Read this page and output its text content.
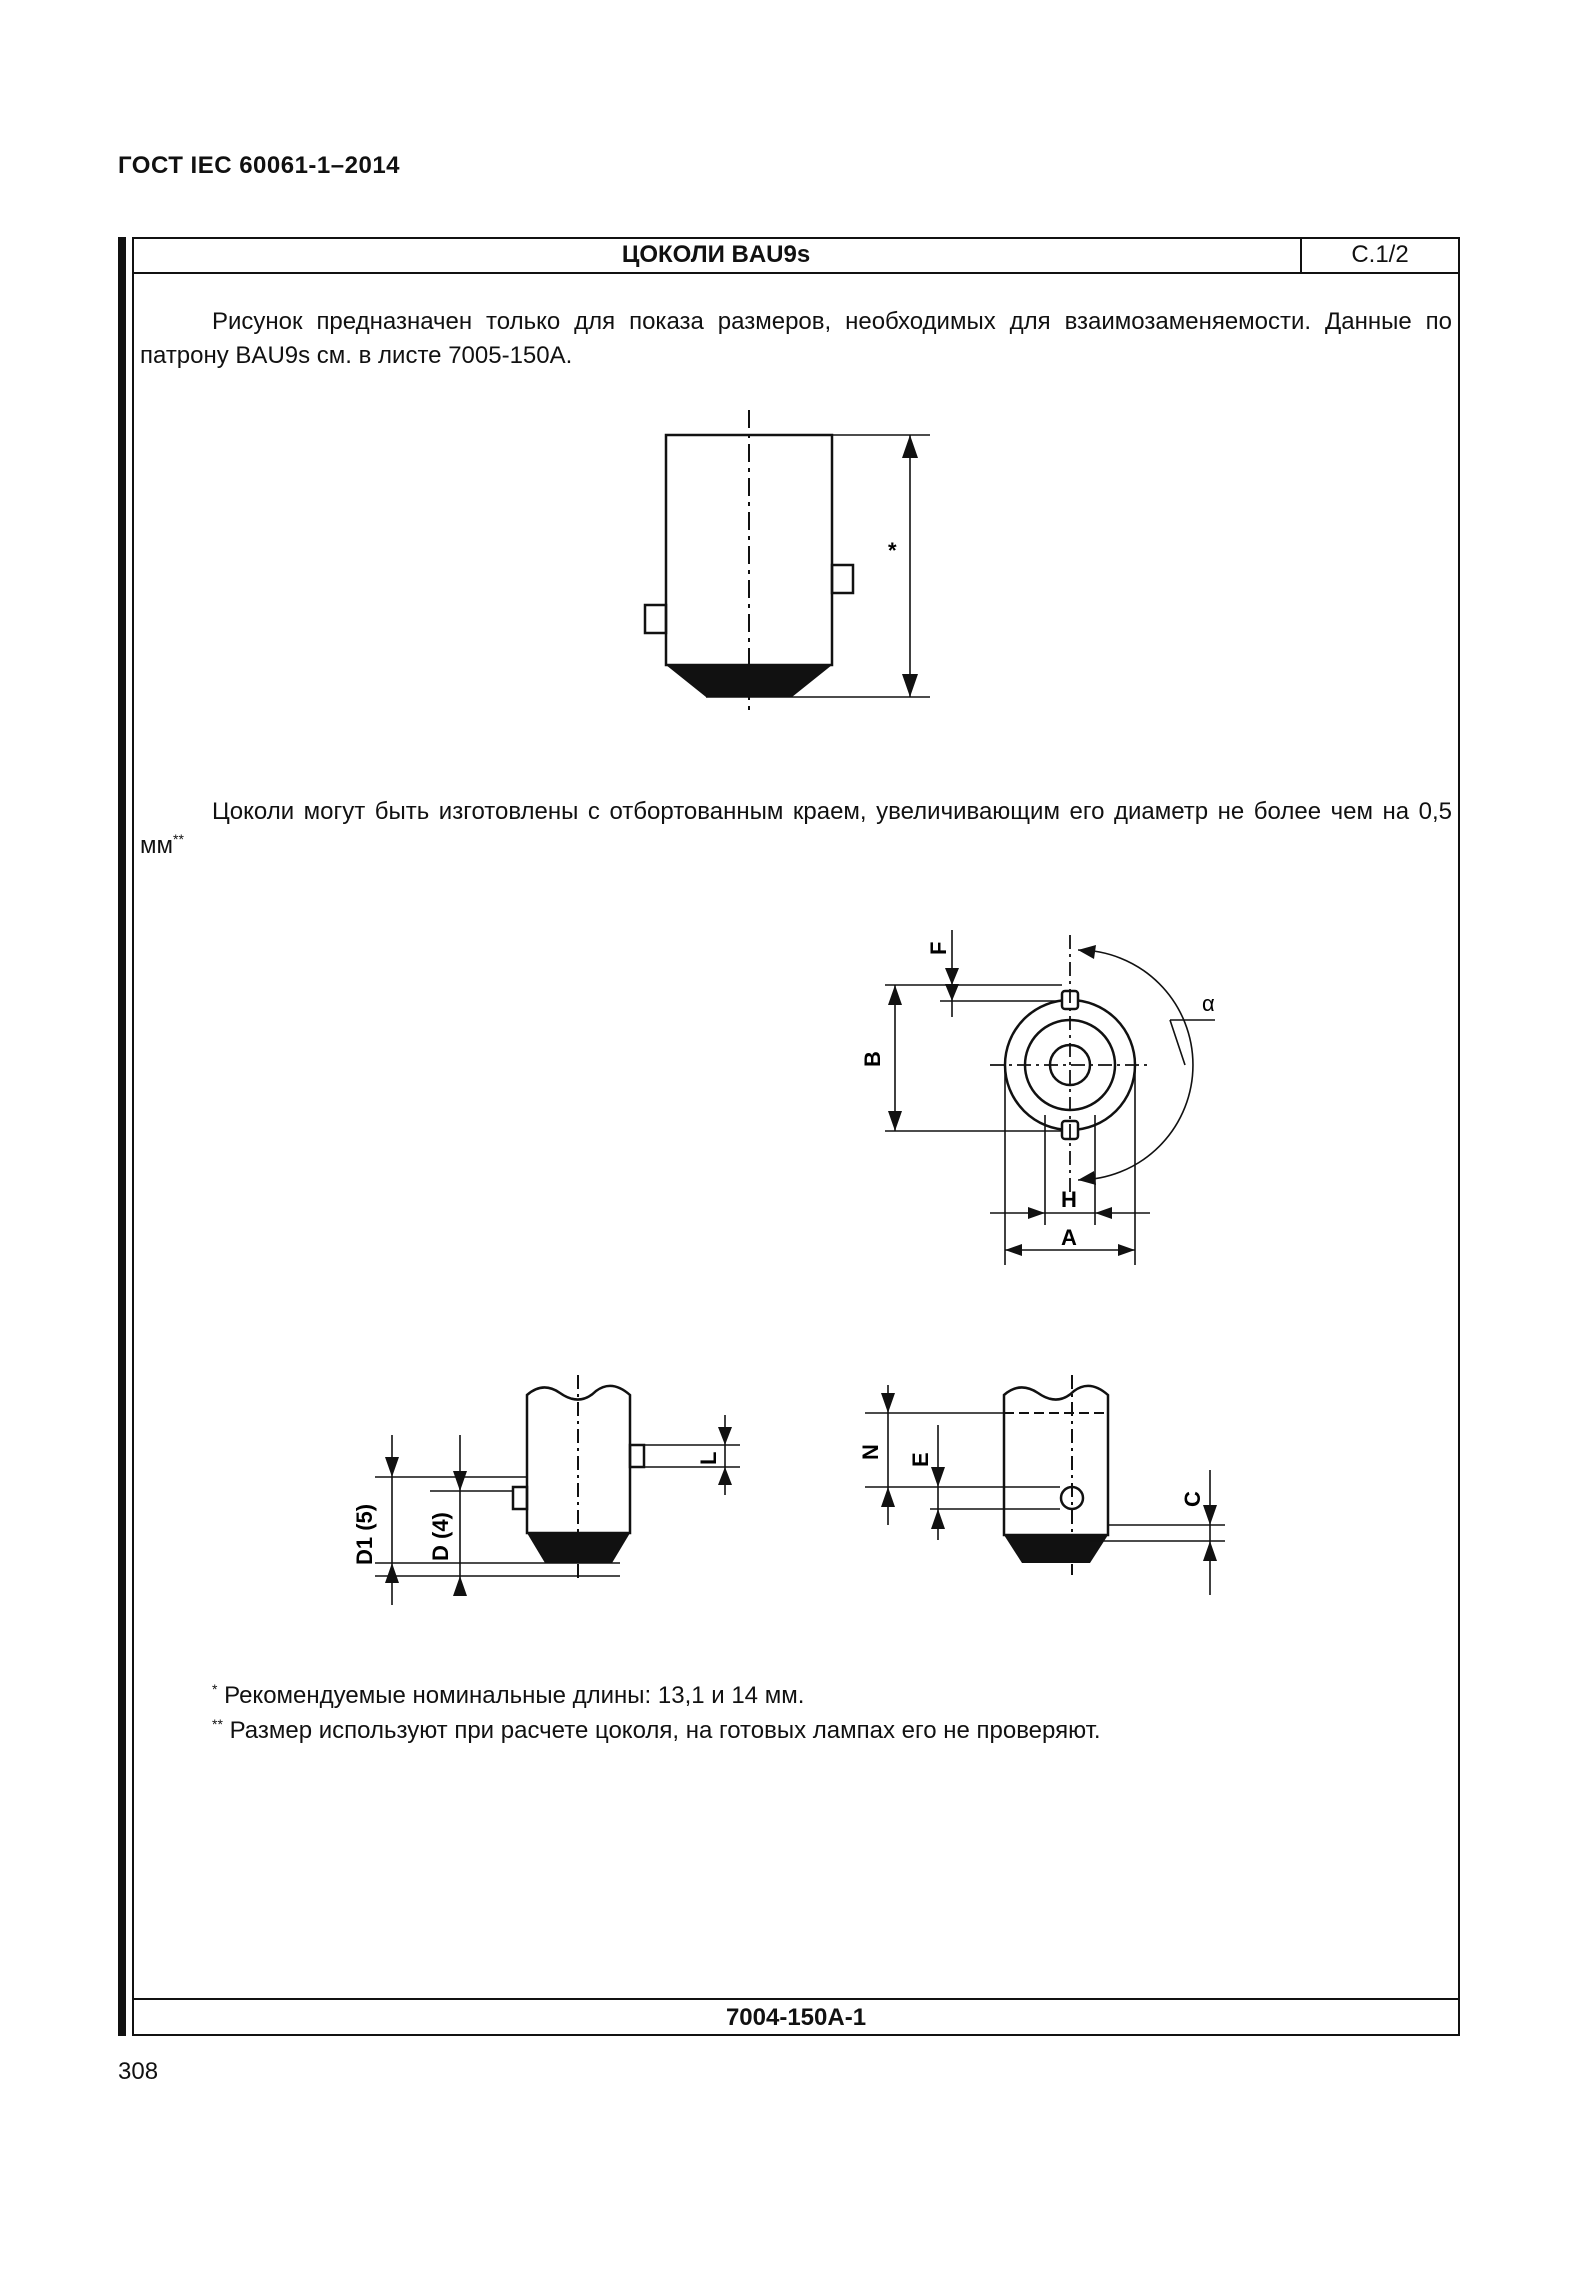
ГОСТ IEC 60061-1–2014
ЦОКОЛИ BAU9s	С.1/2
Рисунок предназначен только для показа размеров, необходимых для взаимозаменяемости. Данные по патрону BAU9s см. в листе 7005-150A.
Цоколи могут быть изготовлены с отбортованным краем, увеличивающим его диаметр не более чем на 0,5 мм**
*
F
B
H
A
α
D1 (5) D (4)
L	N E
C
* Рекомендуемые номинальные длины: 13,1 и 14 мм.
** Размер используют при расчете цоколя, на готовых лампах его не проверяют.
7004-150A-1
308
